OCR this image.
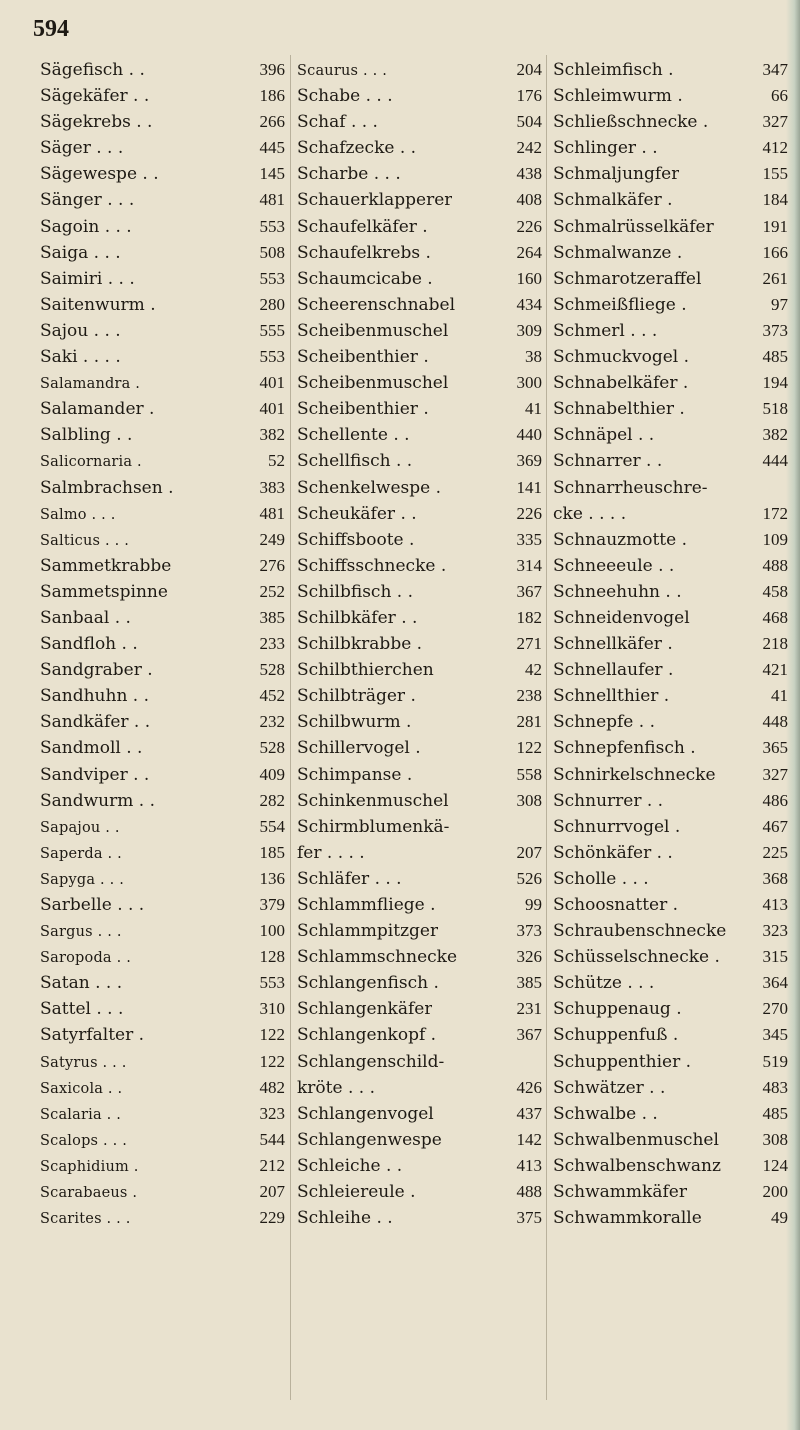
594
Sägefisch . .	396
Sägekäfer . .	186
Sägekrebs . .	266
Säger . . .	445
Sägewespe . .	145
Sänger . . .	481
Sagoin . . .	553
Saiga . . .	508
Saimiri . . .	553
Saitenwurm .	280
Sajou . . .	555
Saki . . . .	553
Salamandra .	401
Salamander .	401
Salbling . .	382
Salicornaria .	52
Salmbrachsen .	383
Salmo . . .	481
Salticus . . .	249
Sammetkrabbe	276
Sammetspinne	252
Sanbaal . .	385
Sandfloh . .	233
Sandgraber .	528
Sandhuhn . .	452
Sandkäfer . .	232
Sandmoll . .	528
Sandviper . .	409
Sandwurm . .	282
Sapajou . .	554
Saperda . .	185
Sapyga . . .	136
Sarbelle . . .	379
Sargus . . .	100
Saropoda . .	128
Satan . . .	553
Sattel . . .	310
Satyrfalter .	122
Satyrus . . .	122
Saxicola . .	482
Scalaria . .	323
Scalops . . .	544
Scaphidium .	212
Scarabaeus .	207
Scarites . . .	229
Scaurus . . .	204
Schabe . . .	176
Schaf . . .	504
Schafzecke . .	242
Scharbe . . .	438
Schauerklapperer	408
Schaufelkäfer .	226
Schaufelkrebs .	264
Schaumcicabe .	160
Scheerenschnabel	434
Scheibenmuschel	309
Scheibenthier .	38
Scheibenmuschel	300
Scheibenthier .	41
Schellente . .	440
Schellfisch . .	369
Schenkelwespe .	141
Scheukäfer . .	226
Schiffsboote .	335
Schiffsschnecke .	314
Schilbfisch . .	367
Schilbkäfer . .	182
Schilbkrabbe .	271
Schilbthierchen	42
Schilbträger .	238
Schilbwurm .	281
Schillervogel .	122
Schimpanse .	558
Schinkenmuschel	308
Schirmblumenkä-
fer . . . .	207
Schläfer . . .	526
Schlammfliege .	99
Schlammpitzger	373
Schlammschnecke	326
Schlangenfisch .	385
Schlangenkäfer	231
Schlangenkopf .	367
Schlangenschild-
kröte . . .	426
Schlangenvogel	437
Schlangenwespe	142
Schleiche . .	413
Schleiereule .	488
Schleihe . .	375
Schleimfisch .	347
Schleimwurm .	66
Schließschnecke .	327
Schlinger . .	412
Schmaljungfer	155
Schmalkäfer .	184
Schmalrüsselkäfer	191
Schmalwanze .	166
Schmarotzeraffel	261
Schmeißfliege .	97
Schmerl . . .	373
Schmuckvogel .	485
Schnabelkäfer .	194
Schnabelthier .	518
Schnäpel . .	382
Schnarrer . .	444
Schnarrheuschre-
cke . . . .	172
Schnauzmotte .	109
Schneeeule . .	488
Schneehuhn . .	458
Schneidenvogel	468
Schnellkäfer .	218
Schnellaufer .	421
Schnellthier .	41
Schnepfe . .	448
Schnepfenfisch .	365
Schnirkelschnecke	327
Schnurrer . .	486
Schnurrvogel .	467
Schönkäfer . .	225
Scholle . . .	368
Schoosnatter .	413
Schraubenschnecke	323
Schüsselschnecke .	315
Schütze . . .	364
Schuppenaug .	270
Schuppenfuß .	345
Schuppenthier .	519
Schwätzer . .	483
Schwalbe . .	485
Schwalbenmuschel	308
Schwalbenschwanz	124
Schwammkäfer	200
Schwammkoralle	49
